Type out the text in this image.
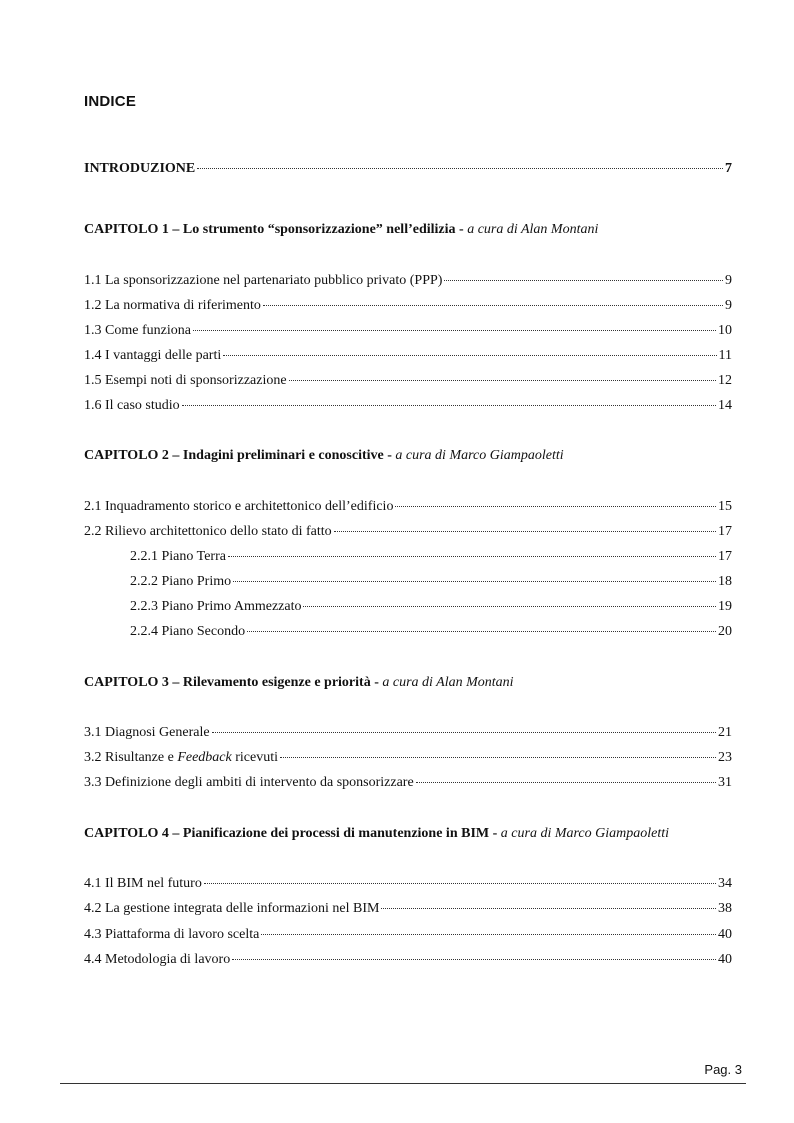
INDICE
INTRODUZIONE	7
CAPITOLO 1 – Lo strumento “sponsorizzazione” nell’edilizia - a cura di Alan Montani
1.1 La sponsorizzazione nel partenariato pubblico privato (PPP)	9
1.2 La normativa di riferimento	9
1.3 Come funziona	10
1.4 I vantaggi delle parti	11
1.5 Esempi noti di sponsorizzazione	12
1.6 Il caso studio	14
CAPITOLO 2 – Indagini preliminari e conoscitive - a cura di Marco Giampaoletti
2.1 Inquadramento storico e architettonico dell’edificio	15
2.2 Rilievo architettonico dello stato di fatto	17
2.2.1 Piano Terra	17
2.2.2 Piano Primo	18
2.2.3 Piano Primo Ammezzato	19
2.2.4 Piano Secondo	20
CAPITOLO 3 – Rilevamento esigenze e priorità - a cura di Alan Montani
3.1 Diagnosi Generale	21
3.2 Risultanze e Feedback ricevuti	23
3.3 Definizione degli ambiti di intervento da sponsorizzare	31
CAPITOLO 4 – Pianificazione dei processi di manutenzione in BIM - a cura di Marco Giampaoletti
4.1 Il BIM nel futuro	34
4.2 La gestione integrata delle informazioni nel BIM	38
4.3 Piattaforma di lavoro scelta	40
4.4 Metodologia di lavoro	40
Pag. 3
